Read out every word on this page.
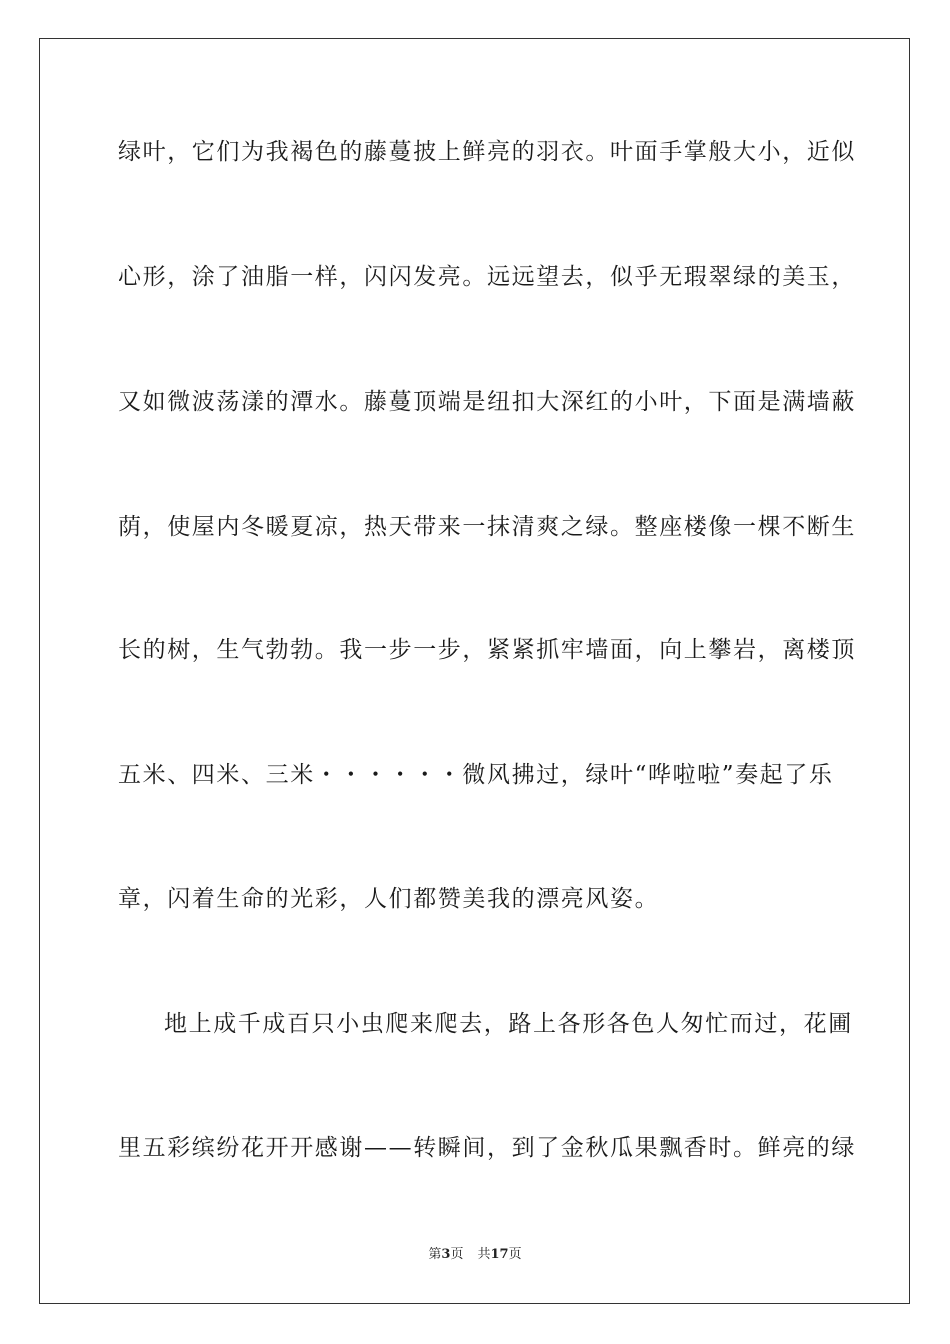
绿叶，它们为我褐色的藤蔓披上鲜亮的羽衣。叶面手掌般大小，近似
心形，涂了油脂一样，闪闪发亮。远远望去，似乎无瑕翠绿的美玉，
又如微波荡漾的潭水。藤蔓顶端是纽扣大深红的小叶，下面是满墙蔽
荫，使屋内冬暖夏凉，热天带来一抹清爽之绿。整座楼像一棵不断生
长的树，生气勃勃。我一步一步，紧紧抓牢墙面，向上攀岩，离楼顶
五米、四米、三米・・・・・・微风拂过，绿叶“哗啦啦”奏起了乐
章，闪着生命的光彩，人们都赞美我的漂亮风姿。
地上成千成百只小虫爬来爬去，路上各形各色人匆忙而过，花圃
里五彩缤纷花开开感谢——转瞬间，到了金秋瓜果飘香时。鲜亮的绿
第3页 共17页
